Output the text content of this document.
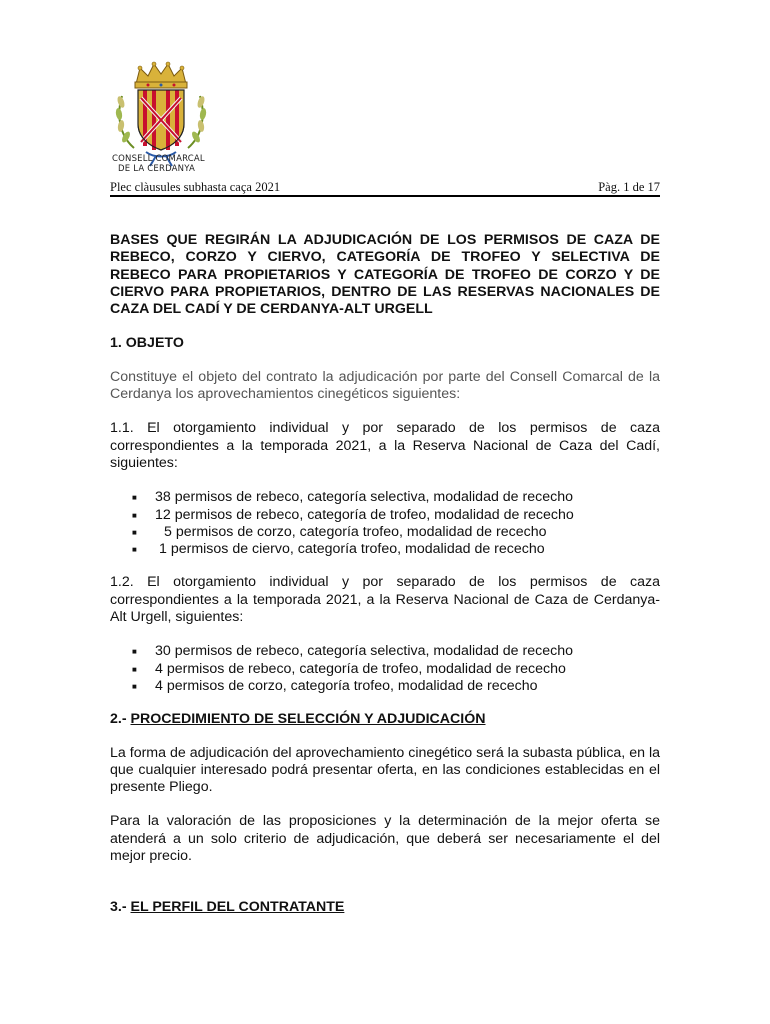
CONSELL COMARCAL
DE LA CERDANYA
Plec clàusules subhasta caça 2021	Pàg. 1 de 17
BASES QUE REGIRÁN LA ADJUDICACIÓN DE LOS PERMISOS DE CAZA DE REBECO, CORZO Y CIERVO, CATEGORÍA DE TROFEO Y SELECTIVA DE REBECO PARA PROPIETARIOS Y CATEGORÍA DE TROFEO DE CORZO Y DE CIERVO PARA PROPIETARIOS, DENTRO DE LAS RESERVAS NACIONALES DE CAZA DEL CADÍ Y DE CERDANYA-ALT URGELL
1. OBJETO

Constituye el objeto del contrato la adjudicación por parte del Consell Comarcal de la Cerdanya los aprovechamientos cinegéticos siguientes:

1.1. El otorgamiento individual y por separado de los permisos de caza correspondientes a la temporada 2021, a la Reserva Nacional de Caza del Cadí, siguientes:

■ 38 permisos de rebeco, categoría selectiva, modalidad de rececho
■ 12 permisos de rebeco, categoría de trofeo, modalidad de rececho
■ 5 permisos de corzo, categoría trofeo, modalidad de rececho
■ 1 permisos de ciervo, categoría trofeo, modalidad de rececho

1.2. El otorgamiento individual y por separado de los permisos de caza correspondientes a la temporada 2021, a la Reserva Nacional de Caza de Cerdanya- Alt Urgell, siguientes:

■ 30 permisos de rebeco, categoría selectiva, modalidad de rececho
■ 4 permisos de rebeco, categoría de trofeo, modalidad de rececho
■ 4 permisos de corzo, categoría trofeo, modalidad de rececho
2.- PROCEDIMIENTO DE SELECCIÓN Y ADJUDICACIÓN

La forma de adjudicación del aprovechamiento cinegético será la subasta pública, en la que cualquier interesado podrá presentar oferta, en las condiciones establecidas en el presente Pliego.

Para la valoración de las proposiciones y la determinación de la mejor oferta se atenderá a un solo criterio de adjudicación, que deberá ser necesariamente el del mejor precio.

3.- EL PERFIL DEL CONTRATANTE
